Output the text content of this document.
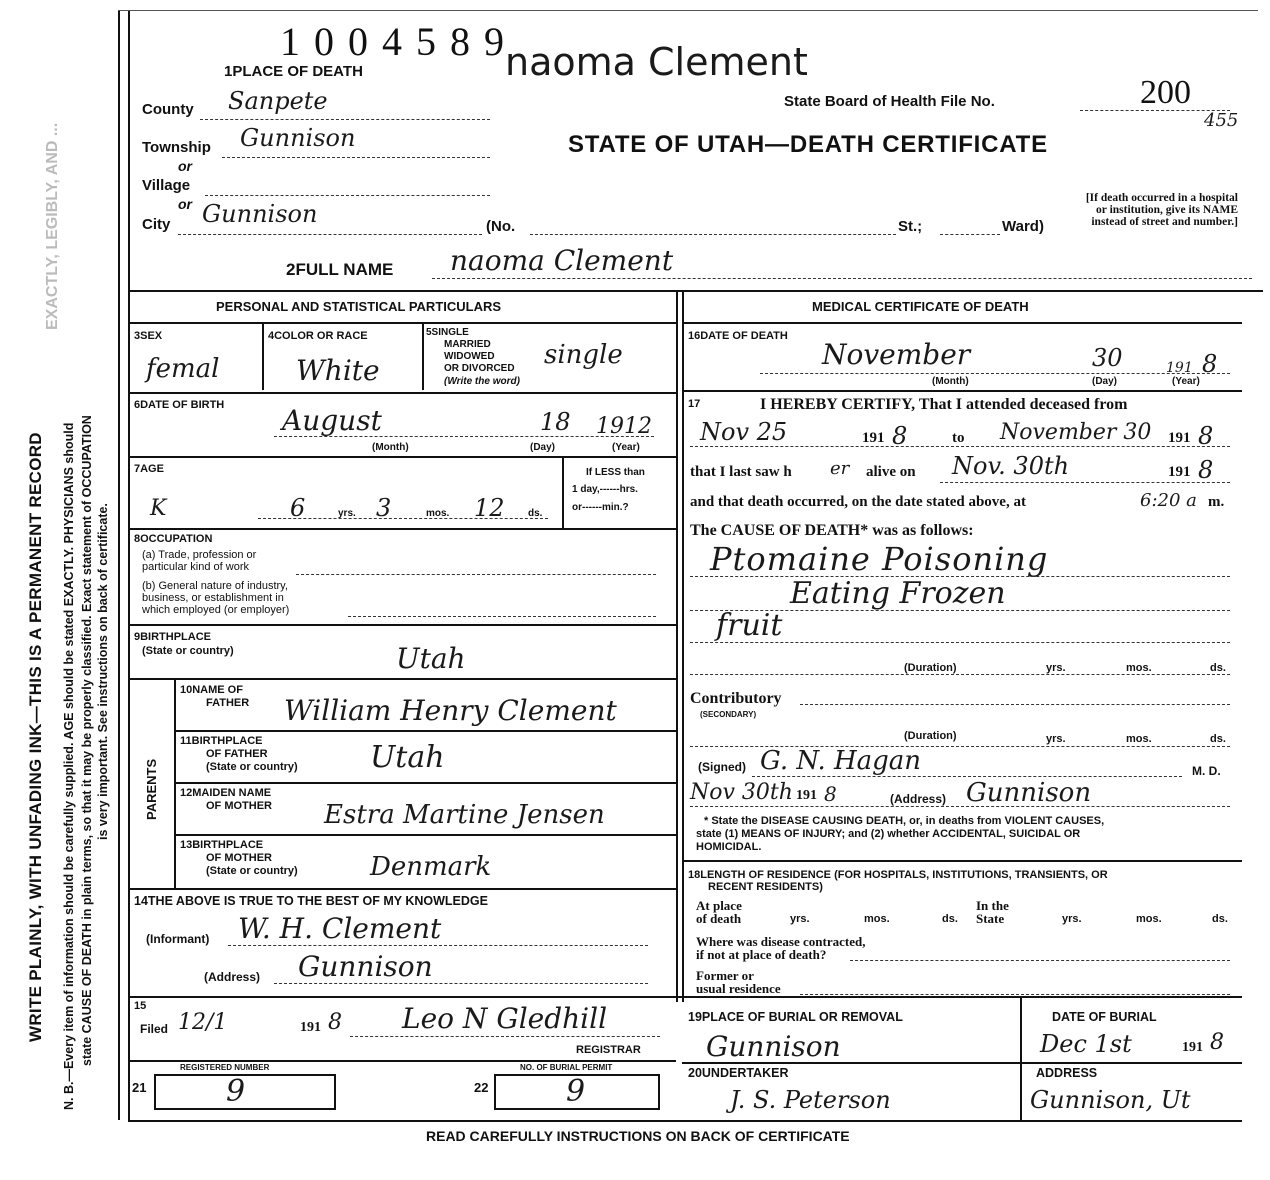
WRITE PLAINLY, WITH UNFADING INK—THIS IS A PERMANENT RECORD
EXACTLY, LEGIBLY, AND ...
N. B.—Every item of information should be carefully supplied. AGE should be stated EXACTLY. PHYSICIANS should state CAUSE OF DEATH in plain terms, so that it may be properly classified. Exact statement of OCCUPATION is very important. See instructions on back of certificate.
1004589
naoma Clement
1PLACE OF DEATH
County Sanpete
Township Gunnison
or
Village
or
City Gunnison	(No.	St.;	Ward)
State Board of Health File No.	200
455
STATE OF UTAH—DEATH CERTIFICATE
[If death occurred in a hospital or institution, give its NAME instead of street and number.]
2FULL NAME naoma Clement
PERSONAL AND STATISTICAL PARTICULARS
3SEX
femal
4COLOR OR RACE
White
5SINGLE
MARRIED
WIDOWED
OR DIVORCED
(Write the word)
single
6DATE OF BIRTH August	18 1912
(Month)	(Day)	(Year)
7AGE
K	6	yrs. 3	mos. 12 ds.
If LESS than
1 day,------hrs.
or------min.?
8OCCUPATION
(a) Trade, profession or
particular kind of work
(b) General nature of industry,
business, or establishment in
which employed (or employer)
9BIRTHPLACE
(State or country)	Utah
PARENTS
10NAME OF
FATHER William Henry Clement
11BIRTHPLACE
OF FATHER
(State or country) Utah
12MAIDEN NAME
OF MOTHER Estra Martine Jensen
13BIRTHPLACE
OF MOTHER
(State or country)	Denmark
14THE ABOVE IS TRUE TO THE BEST OF MY KNOWLEDGE
(Informant) W. H. Clement
(Address) Gunnison
MEDICAL CERTIFICATE OF DEATH
16DATE OF DEATH
November	30	191 8
(Month)	(Day)	(Year)
17	I HEREBY CERTIFY, That I attended deceased from
Nov 25	191 8	to November 30 191 8
that I last saw h er alive on Nov. 30th	191 8
and that death occurred, on the date stated above, at	6:20 a m.
The CAUSE OF DEATH* was as follows:
Ptomaine Poisoning
Eating Frozen
fruit
(Duration)	yrs.	mos.	ds.
Contributory
(SECONDARY)
(Duration)	yrs.	mos.	ds.
(Signed) G. N. Hagan	M. D.
Nov 30th 191 8	(Address) Gunnison
* State the DISEASE CAUSING DEATH, or, in deaths from VIOLENT CAUSES,
state (1) MEANS OF INJURY; and (2) whether ACCIDENTAL, SUICIDAL OR
HOMICIDAL.
18LENGTH OF RESIDENCE (FOR HOSPITALS, INSTITUTIONS, TRANSIENTS, OR
RECENT RESIDENTS)
At place
of death	yrs.	mos.	ds.
In the
State	yrs.	mos.	ds.
Where was disease contracted,
if not at place of death?
Former or
usual residence
15
Filed 12/1	191 8 Leo N Gledhill
REGISTRAR
REGISTERED NUMBER
21	9
NO. OF BURIAL PERMIT
22	9
19PLACE OF BURIAL OR REMOVAL
Gunnison
DATE OF BURIAL
Dec 1st	191 8
20UNDERTAKER
J. S. Peterson
ADDRESS
Gunnison, Ut
READ CAREFULLY INSTRUCTIONS ON BACK OF CERTIFICATE
